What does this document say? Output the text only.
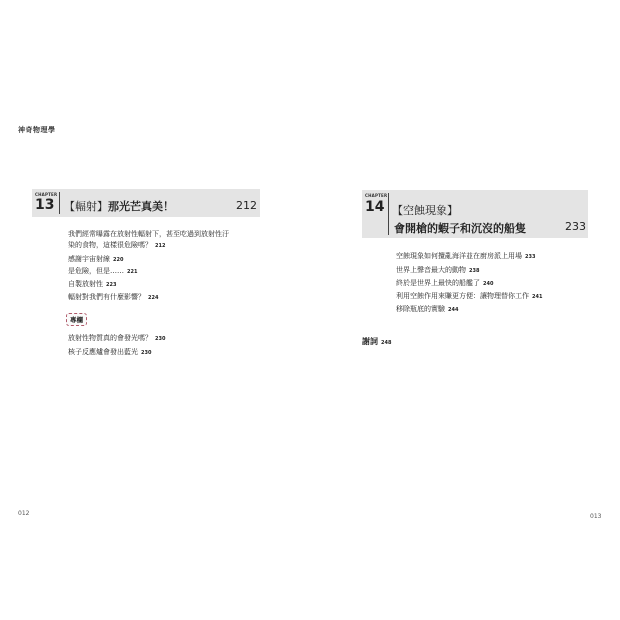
神奇物理學
CHAPTER
13 【輻射】那光芒真美！	212
我們經常曝露在放射性輻射下，甚至吃過到放射性汙
染的食物，這樣很危險嗎？ 212
感謝宇宙射線 220
是危險，但是…… 221
自製放射性 223
輻射對我們有什麼影響？ 224
專欄
放射性物質真的會發光嗎？ 230
核子反應爐會發出藍光 230
012
CHAPTER
14 【空蝕現象】
會開槍的蝦子和沉沒的船隻	233
空蝕現象如何攪亂海洋並在廚房派上用場 233
世界上聲音最大的動物 238
終於是世界上最快的船艦了 240
利用空蝕作用來賺更方便：讓物理替你工作 241
移除瓶底的實驗 244
謝詞 248
013
